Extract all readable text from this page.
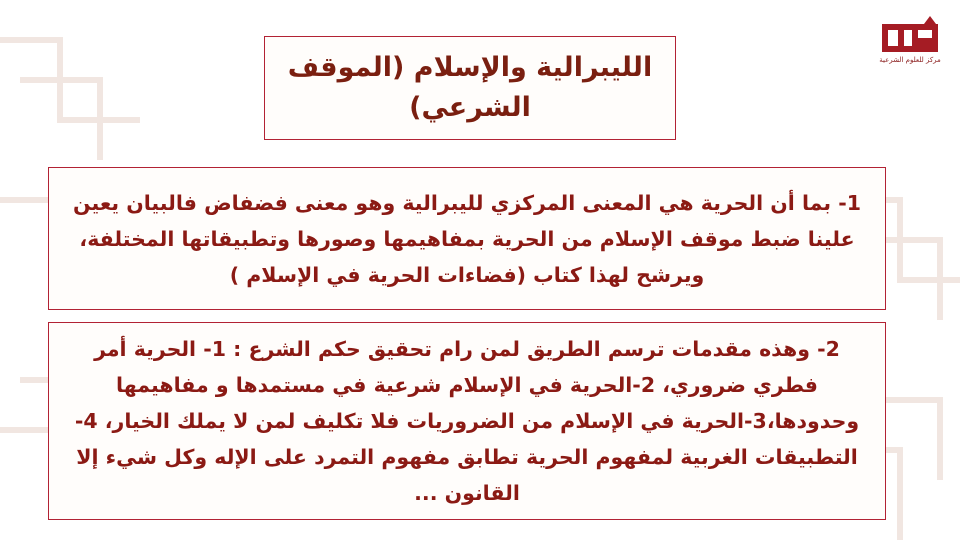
مركز للعلوم الشرعية
الليبرالية والإسلام (الموقف الشرعي)
1- بما أن الحرية هي المعنى المركزي لليبرالية وهو معنى فضفاض فالبيان يعين علينا ضبط موقف الإسلام من الحرية بمفاهيمها وصورها وتطبيقاتها المختلفة، ويرشح لهذا كتاب (فضاءات الحرية في الإسلام )
2- وهذه مقدمات ترسم الطريق لمن رام تحقيق حكم الشرع : 1- الحرية أمر فطري ضروري، 2-الحرية في الإسلام شرعية في مستمدها و مفاهيمها وحدودها،3-الحرية في الإسلام من الضروريات فلا تكليف لمن لا يملك الخيار، 4- التطبيقات الغربية لمفهوم الحرية تطابق مفهوم التمرد على الإله وكل شيء إلا القانون ...
